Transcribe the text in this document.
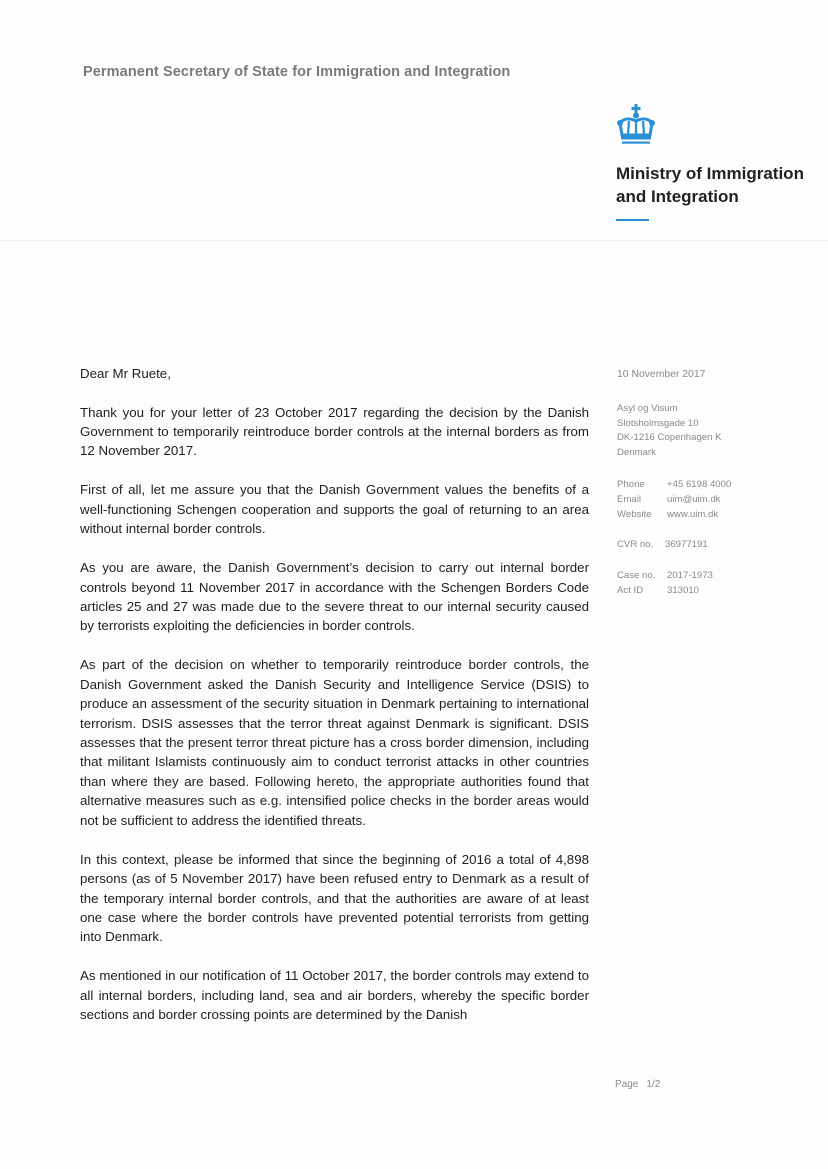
Permanent Secretary of State for Immigration and Integration
Ministry of Immigration
and Integration

Dear Mr Ruete,

Thank you for your letter of 23 October 2017 regarding the decision by the Danish Government to temporarily reintroduce border controls at the internal borders as from 12 November 2017.

First of all, let me assure you that the Danish Government values the benefits of a well-functioning Schengen cooperation and supports the goal of returning to an area without internal border controls.

As you are aware, the Danish Government’s decision to carry out internal border controls beyond 11 November 2017 in accordance with the Schengen Borders Code articles 25 and 27 was made due to the severe threat to our internal security caused by terrorists exploiting the deficiencies in border controls.

As part of the decision on whether to temporarily reintroduce border controls, the Danish Government asked the Danish Security and Intelligence Service (DSIS) to produce an assessment of the security situation in Denmark pertaining to international terrorism. DSIS assesses that the terror threat against Denmark is significant. DSIS assesses that the present terror threat picture has a cross border dimension, including that militant Islamists continuously aim to conduct terrorist attacks in other countries than where they are based. Following hereto, the appropriate authorities found that alternative measures such as e.g. intensified police checks in the border areas would not be sufficient to address the identified threats.

In this context, please be informed that since the beginning of 2016 a total of 4,898 persons (as of 5 November 2017) have been refused entry to Denmark as a result of the temporary internal border controls, and that the authorities are aware of at least one case where the border controls have prevented potential terrorists from getting into Denmark.

As mentioned in our notification of 11 October 2017, the border controls may extend to all internal borders, including land, sea and air borders, whereby the specific border sections and border crossing points are determined by the Danish

10 November 2017
Asyl og Visum
Slotsholmsgade 10
DK-1216 Copenhagen K
Denmark
Phone	+45 6198 4000
Email	uim@uim.dk
Website	www.uim.dk
CVR no.	36977191
Case no.	2017-1973
Act ID	313010
Page 1/2
